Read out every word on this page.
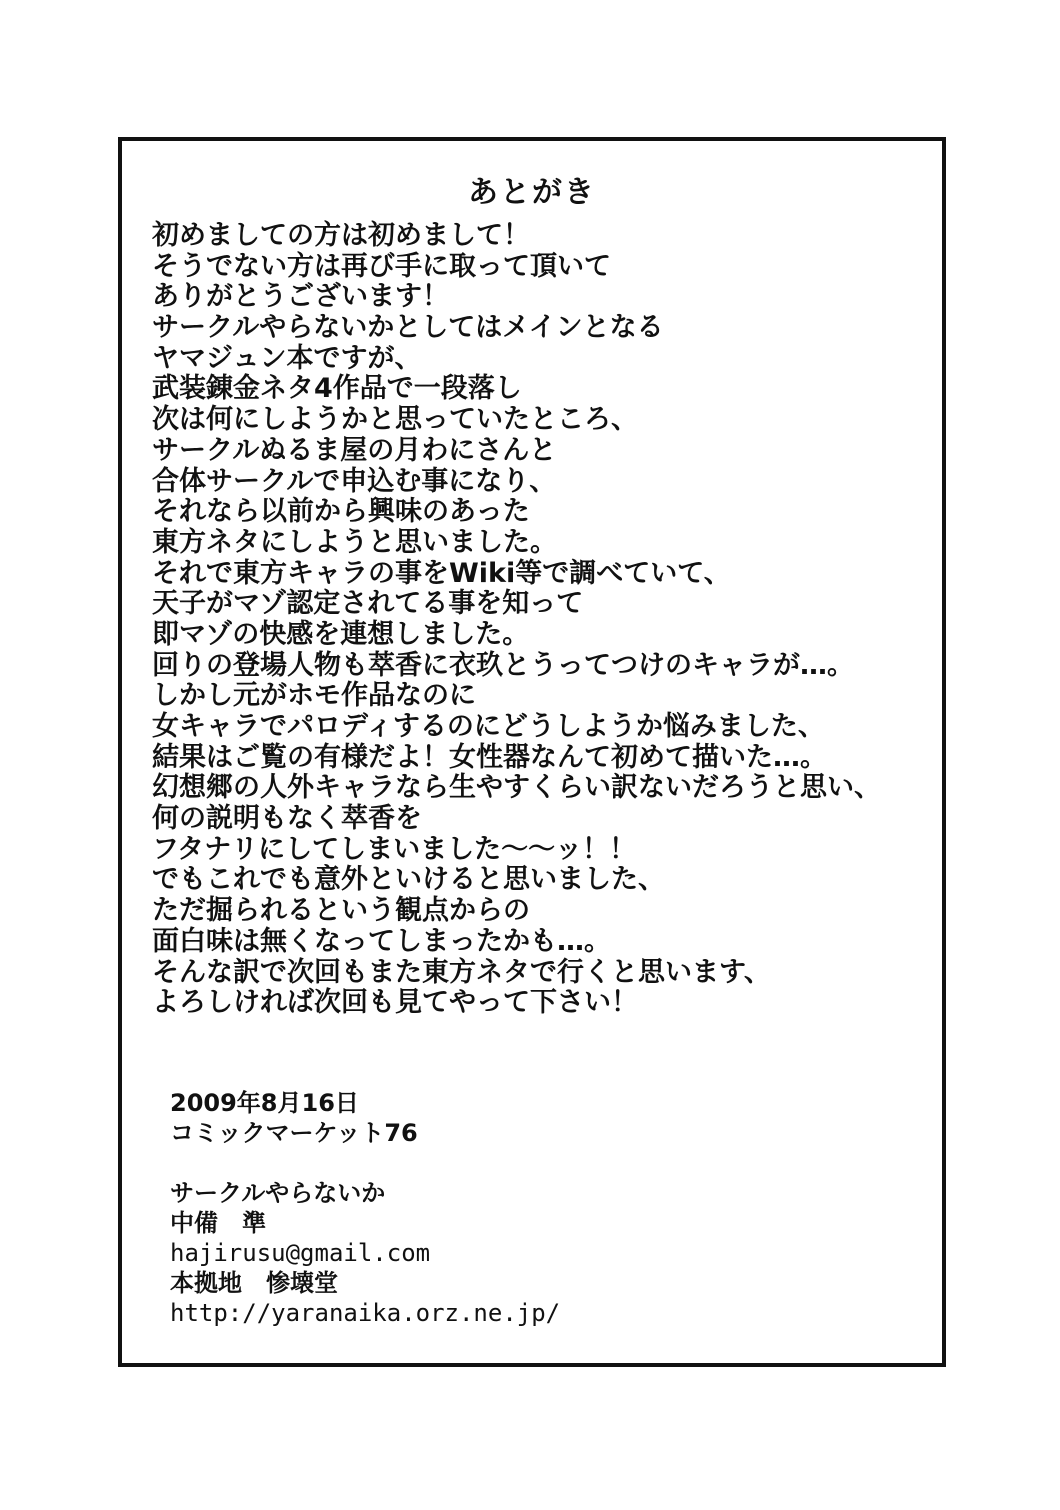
あとがき
初めましての方は初めまして！
そうでない方は再び手に取って頂いて
ありがとうございます！
サークルやらないかとしてはメインとなる
ヤマジュン本ですが、
武装錬金ネタ4作品で一段落し
次は何にしようかと思っていたところ、
サークルぬるま屋の月わにさんと
合体サークルで申込む事になり、
それなら以前から興味のあった
東方ネタにしようと思いました。
それで東方キャラの事をWiki等で調べていて、
天子がマゾ認定されてる事を知って
即マゾの快感を連想しました。
回りの登場人物も萃香に衣玖とうってつけのキャラが…。
しかし元がホモ作品なのに
女キャラでパロディするのにどうしようか悩みました、
結果はご覧の有様だよ！女性器なんて初めて描いた…。
幻想郷の人外キャラなら生やすくらい訳ないだろうと思い、
何の説明もなく萃香を
フタナリにしてしまいました〜〜ッ！！
でもこれでも意外といけると思いました、
ただ掘られるという観点からの
面白味は無くなってしまったかも…。
そんな訳で次回もまた東方ネタで行くと思います、
よろしければ次回も見てやって下さい！
2009年8月16日
コミックマーケット76
サークルやらないか
中備　準
hajirusu@gmail.com
本拠地　惨壊堂
http://yaranaika.orz.ne.jp/
